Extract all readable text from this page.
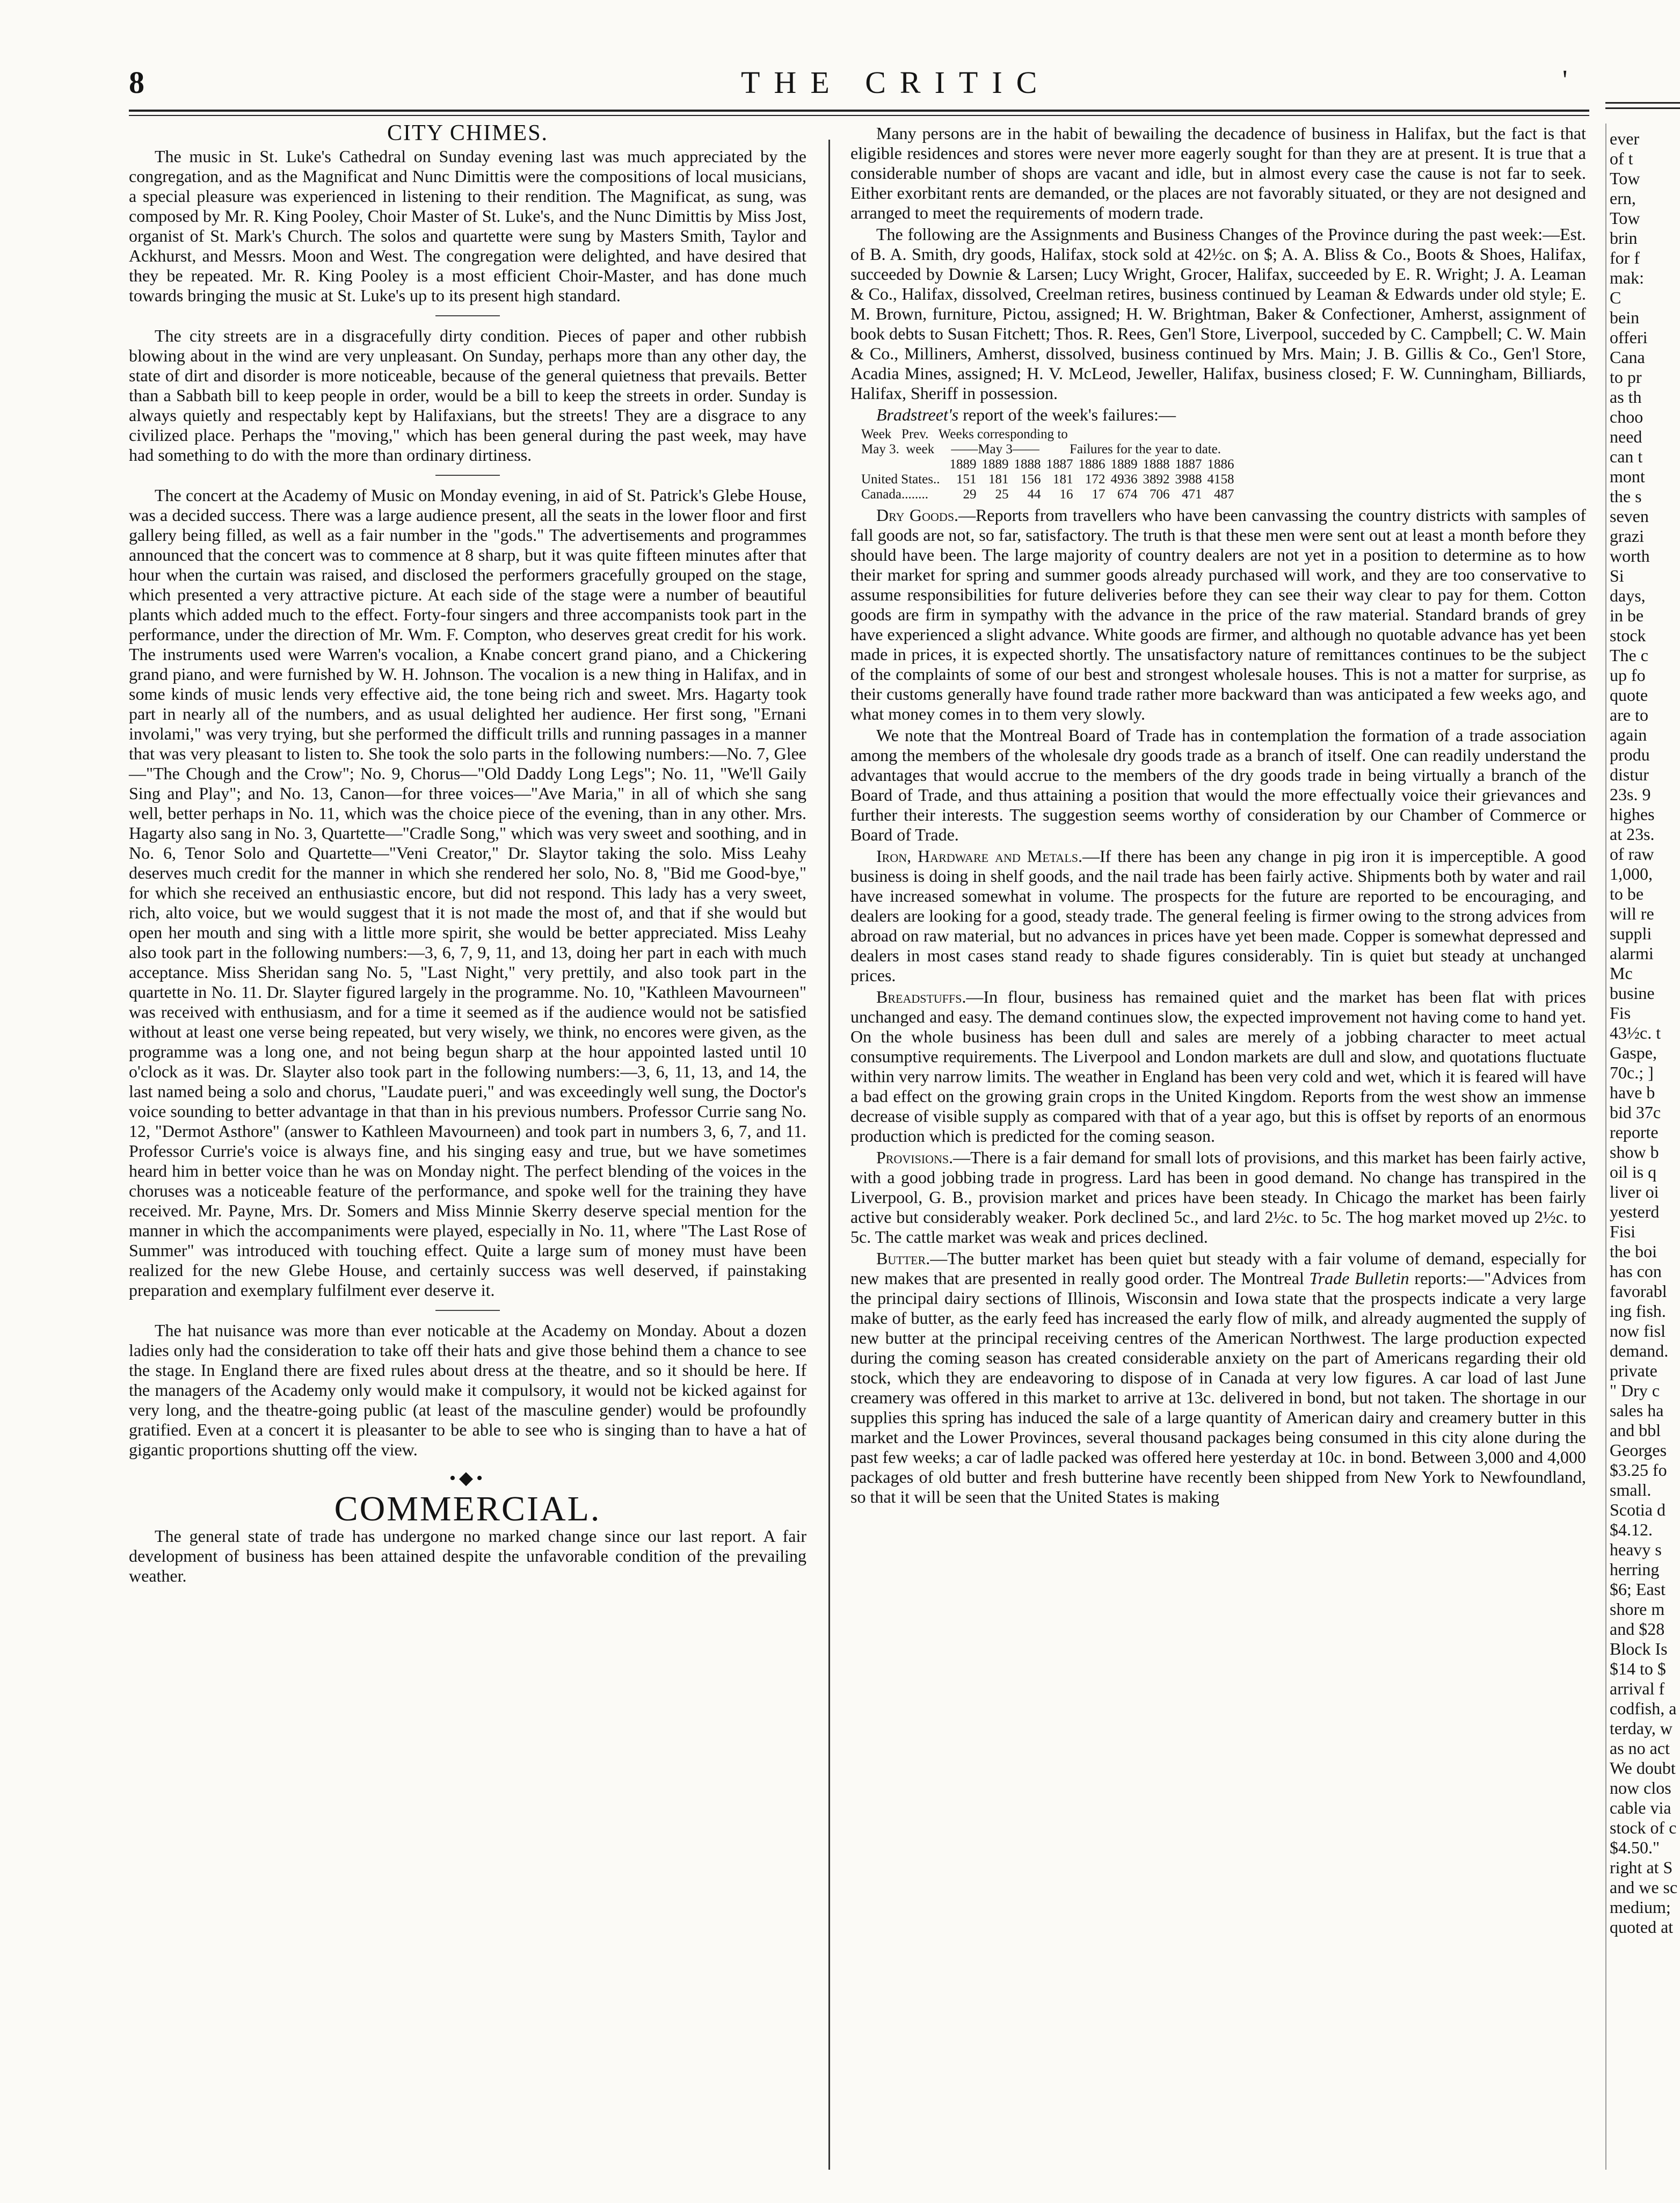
8	THE CRITIC	'
CITY CHIMES.

The music in St. Luke's Cathedral on Sunday evening last was much appreciated by the congregation, and as the Magnificat and Nunc Dimittis were the compositions of local musicians, a special pleasure was experienced in listening to their rendition. The Magnificat, as sung, was composed by Mr. R. King Pooley, Choir Master of St. Luke's, and the Nunc Dimittis by Miss Jost, organist of St. Mark's Church. The solos and quartette were sung by Masters Smith, Taylor and Ackhurst, and Messrs. Moon and West. The congregation were delighted, and have desired that they be repeated. Mr. R. King Pooley is a most efficient Choir-Master, and has done much towards bringing the music at St. Luke's up to its present high standard.

The city streets are in a disgracefully dirty condition. Pieces of paper and other rubbish blowing about in the wind are very unpleasant. On Sunday, perhaps more than any other day, the state of dirt and disorder is more noticeable, because of the general quietness that prevails. Better than a Sabbath bill to keep people in order, would be a bill to keep the streets in order. Sunday is always quietly and respectably kept by Halifaxians, but the streets! They are a disgrace to any civilized place. Perhaps the "moving," which has been general during the past week, may have had something to do with the more than ordinary dirtiness.

The concert at the Academy of Music on Monday evening, in aid of St. Patrick's Glebe House, was a decided success. There was a large audience present, all the seats in the lower floor and first gallery being filled, as well as a fair number in the "gods." The advertisements and programmes announced that the concert was to commence at 8 sharp, but it was quite fifteen minutes after that hour when the curtain was raised, and disclosed the performers gracefully grouped on the stage, which presented a very attractive picture. At each side of the stage were a number of beautiful plants which added much to the effect. Forty-four singers and three accompanists took part in the performance, under the direction of Mr. Wm. F. Compton, who deserves great credit for his work. The instruments used were Warren's vocalion, a Knabe concert grand piano, and a Chickering grand piano, and were furnished by W. H. Johnson. The vocalion is a new thing in Halifax, and in some kinds of music lends very effective aid, the tone being rich and sweet. Mrs. Hagarty took part in nearly all of the numbers, and as usual delighted her audience. Her first song, "Ernani involami," was very trying, but she performed the difficult trills and running passages in a manner that was very pleasant to listen to. She took the solo parts in the following numbers:—No. 7, Glee—"The Chough and the Crow"; No. 9, Chorus—"Old Daddy Long Legs"; No. 11, "We'll Gaily Sing and Play"; and No. 13, Canon—for three voices—"Ave Maria," in all of which she sang well, better perhaps in No. 11, which was the choice piece of the evening, than in any other. Mrs. Hagarty also sang in No. 3, Quartette—"Cradle Song," which was very sweet and soothing, and in No. 6, Tenor Solo and Quartette—"Veni Creator," Dr. Slaytor taking the solo. Miss Leahy deserves much credit for the manner in which she rendered her solo, No. 8, "Bid me Good-bye," for which she received an enthusiastic encore, but did not respond. This lady has a very sweet, rich, alto voice, but we would suggest that it is not made the most of, and that if she would but open her mouth and sing with a little more spirit, she would be better appreciated. Miss Leahy also took part in the following numbers:—3, 6, 7, 9, 11, and 13, doing her part in each with much acceptance. Miss Sheridan sang No. 5, "Last Night," very prettily, and also took part in the quartette in No. 11. Dr. Slayter figured largely in the programme. No. 10, "Kathleen Mavourneen" was received with enthusiasm, and for a time it seemed as if the audience would not be satisfied without at least one verse being repeated, but very wisely, we think, no encores were given, as the programme was a long one, and not being begun sharp at the hour appointed lasted until 10 o'clock as it was. Dr. Slayter also took part in the following numbers:—3, 6, 11, 13, and 14, the last named being a solo and chorus, "Laudate pueri," and was exceedingly well sung, the Doctor's voice sounding to better advantage in that than in his previous numbers. Professor Currie sang No. 12, "Dermot Asthore" (answer to Kathleen Mavourneen) and took part in numbers 3, 6, 7, and 11. Professor Currie's voice is always fine, and his singing easy and true, but we have sometimes heard him in better voice than he was on Monday night. The perfect blending of the voices in the choruses was a noticeable feature of the performance, and spoke well for the training they have received. Mr. Payne, Mrs. Dr. Somers and Miss Minnie Skerry deserve special mention for the manner in which the accompaniments were played, especially in No. 11, where "The Last Rose of Summer" was introduced with touching effect. Quite a large sum of money must have been realized for the new Glebe House, and certainly success was well deserved, if painstaking preparation and exemplary fulfilment ever deserve it.

The hat nuisance was more than ever noticable at the Academy on Monday. About a dozen ladies only had the consideration to take off their hats and give those behind them a chance to see the stage. In England there are fixed rules about dress at the theatre, and so it should be here. If the managers of the Academy only would make it compulsory, it would not be kicked against for very long, and the theatre-going public (at least of the masculine gender) would be profoundly gratified. Even at a concert it is pleasanter to be able to see who is singing than to have a hat of gigantic proportions shutting off the view.

•◆•
COMMERCIAL.

The general state of trade has undergone no marked change since our last report. A fair development of business has been attained despite the unfavorable condition of the prevailing weather.

Many persons are in the habit of bewailing the decadence of business in Halifax, but the fact is that eligible residences and stores were never more eagerly sought for than they are at present. It is true that a considerable number of shops are vacant and idle, but in almost every case the cause is not far to seek. Either exorbitant rents are demanded, or the places are not favorably situated, or they are not designed and arranged to meet the requirements of modern trade.

The following are the Assignments and Business Changes of the Province during the past week:—Est. of B. A. Smith, dry goods, Halifax, stock sold at 42½c. on $; A. A. Bliss & Co., Boots & Shoes, Halifax, succeeded by Downie & Larsen; Lucy Wright, Grocer, Halifax, succeeded by E. R. Wright; J. A. Leaman & Co., Halifax, dissolved, Creelman retires, business continued by Leaman & Edwards under old style; E. M. Brown, furniture, Pictou, assigned; H. W. Brightman, Baker & Confectioner, Amherst, assignment of book debts to Susan Fitchett; Thos. R. Rees, Gen'l Store, Liverpool, succeded by C. Campbell; C. W. Main & Co., Milliners, Amherst, dissolved, business continued by Mrs. Main; J. B. Gillis & Co., Gen'l Store, Acadia Mines, assigned; H. V. McLeod, Jeweller, Halifax, business closed; F. W. Cunningham, Billiards, Halifax, Sheriff in possession.

Bradstreet's report of the week's failures:—

Week   Prev.   Weeks corresponding to
May 3.  week     ——May 3——         Failures for the year to date.
	1889	1889	1888	1887	1886	1889	1888	1887	1886
United States..	151	181	156	181	172	4936	3892	3988	4158
Canada........	29	25	44	16	17	674	706	471	487

Dry Goods.—Reports from travellers who have been canvassing the country districts with samples of fall goods are not, so far, satisfactory. The truth is that these men were sent out at least a month before they should have been. The large majority of country dealers are not yet in a position to determine as to how their market for spring and summer goods already purchased will work, and they are too conservative to assume responsibilities for future deliveries before they can see their way clear to pay for them. Cotton goods are firm in sympathy with the advance in the price of the raw material. Standard brands of grey have experienced a slight advance. White goods are firmer, and although no quotable advance has yet been made in prices, it is expected shortly. The unsatisfactory nature of remittances continues to be the subject of the complaints of some of our best and strongest wholesale houses. This is not a matter for surprise, as their customs generally have found trade rather more backward than was anticipated a few weeks ago, and what money comes in to them very slowly.

We note that the Montreal Board of Trade has in contemplation the formation of a trade association among the members of the wholesale dry goods trade as a branch of itself. One can readily understand the advantages that would accrue to the members of the dry goods trade in being virtually a branch of the Board of Trade, and thus attaining a position that would the more effectually voice their grievances and further their interests. The suggestion seems worthy of consideration by our Chamber of Commerce or Board of Trade.

Iron, Hardware and Metals.—If there has been any change in pig iron it is imperceptible. A good business is doing in shelf goods, and the nail trade has been fairly active. Shipments both by water and rail have increased somewhat in volume. The prospects for the future are reported to be encouraging, and dealers are looking for a good, steady trade. The general feeling is firmer owing to the strong advices from abroad on raw material, but no advances in prices have yet been made. Copper is somewhat depressed and dealers in most cases stand ready to shade figures considerably. Tin is quiet but steady at unchanged prices.

Breadstuffs.—In flour, business has remained quiet and the market has been flat with prices unchanged and easy. The demand continues slow, the expected improvement not having come to hand yet. On the whole business has been dull and sales are merely of a jobbing character to meet actual consumptive requirements. The Liverpool and London markets are dull and slow, and quotations fluctuate within very narrow limits. The weather in England has been very cold and wet, which it is feared will have a bad effect on the growing grain crops in the United Kingdom. Reports from the west show an immense decrease of visible supply as compared with that of a year ago, but this is offset by reports of an enormous production which is predicted for the coming season.

Provisions.—There is a fair demand for small lots of provisions, and this market has been fairly active, with a good jobbing trade in progress. Lard has been in good demand. No change has transpired in the Liverpool, G. B., provision market and prices have been steady. In Chicago the market has been fairly active but considerably weaker. Pork declined 5c., and lard 2½c. to 5c. The hog market moved up 2½c. to 5c. The cattle market was weak and prices declined.

Butter.—The butter market has been quiet but steady with a fair volume of demand, especially for new makes that are presented in really good order. The Montreal Trade Bulletin reports:—"Advices from the principal dairy sections of Illinois, Wisconsin and Iowa state that the prospects indicate a very large make of butter, as the early feed has increased the early flow of milk, and already augmented the supply of new butter at the principal receiving centres of the American Northwest. The large production expected during the coming season has created considerable anxiety on the part of Americans regarding their old stock, which they are endeavoring to dispose of in Canada at very low figures. A car load of last June creamery was offered in this market to arrive at 13c. delivered in bond, but not taken. The shortage in our supplies this spring has induced the sale of a large quantity of American dairy and creamery butter in this market and the Lower Provinces, several thousand packages being consumed in this city alone during the past few weeks; a car of ladle packed was offered here yesterday at 10c. in bond. Between 3,000 and 4,000 packages of old butter and fresh butterine have recently been shipped from New York to Newfoundland, so that it will be seen that the United States is making

ever
of t
Tow
ern,
Tow
brin
for f
mak:
C
bein
offeri
Cana
to pr
as th
choo
need
can t
mont
the s
seven
grazi
worth
Si
days,
in be
stock
The c
up fo
quote
are to
again
produ
distur
23s. 9
highes
at 23s.
of raw
1,000,
to be
will re
suppli
alarmi
Mc
busine
Fis
43½c. t
Gaspe,
70c.; ]
have b
bid 37c
reporte
show b
oil is q
liver oi
yesterd
Fisi
the boi
has con
favorabl
ing fish.
now fisl
demand.
private
" Dry c
sales ha
and bbl
Georges
$3.25 fo
small.
Scotia d
$4.12.
heavy s
herring
$6; East
shore m
and $28
Block Is
$14 to $
arrival f
codfish, a
terday, w
as no act
We doubt
now clos
cable via
stock of c
$4.50."
right at S
and we sc
medium;
quoted at
